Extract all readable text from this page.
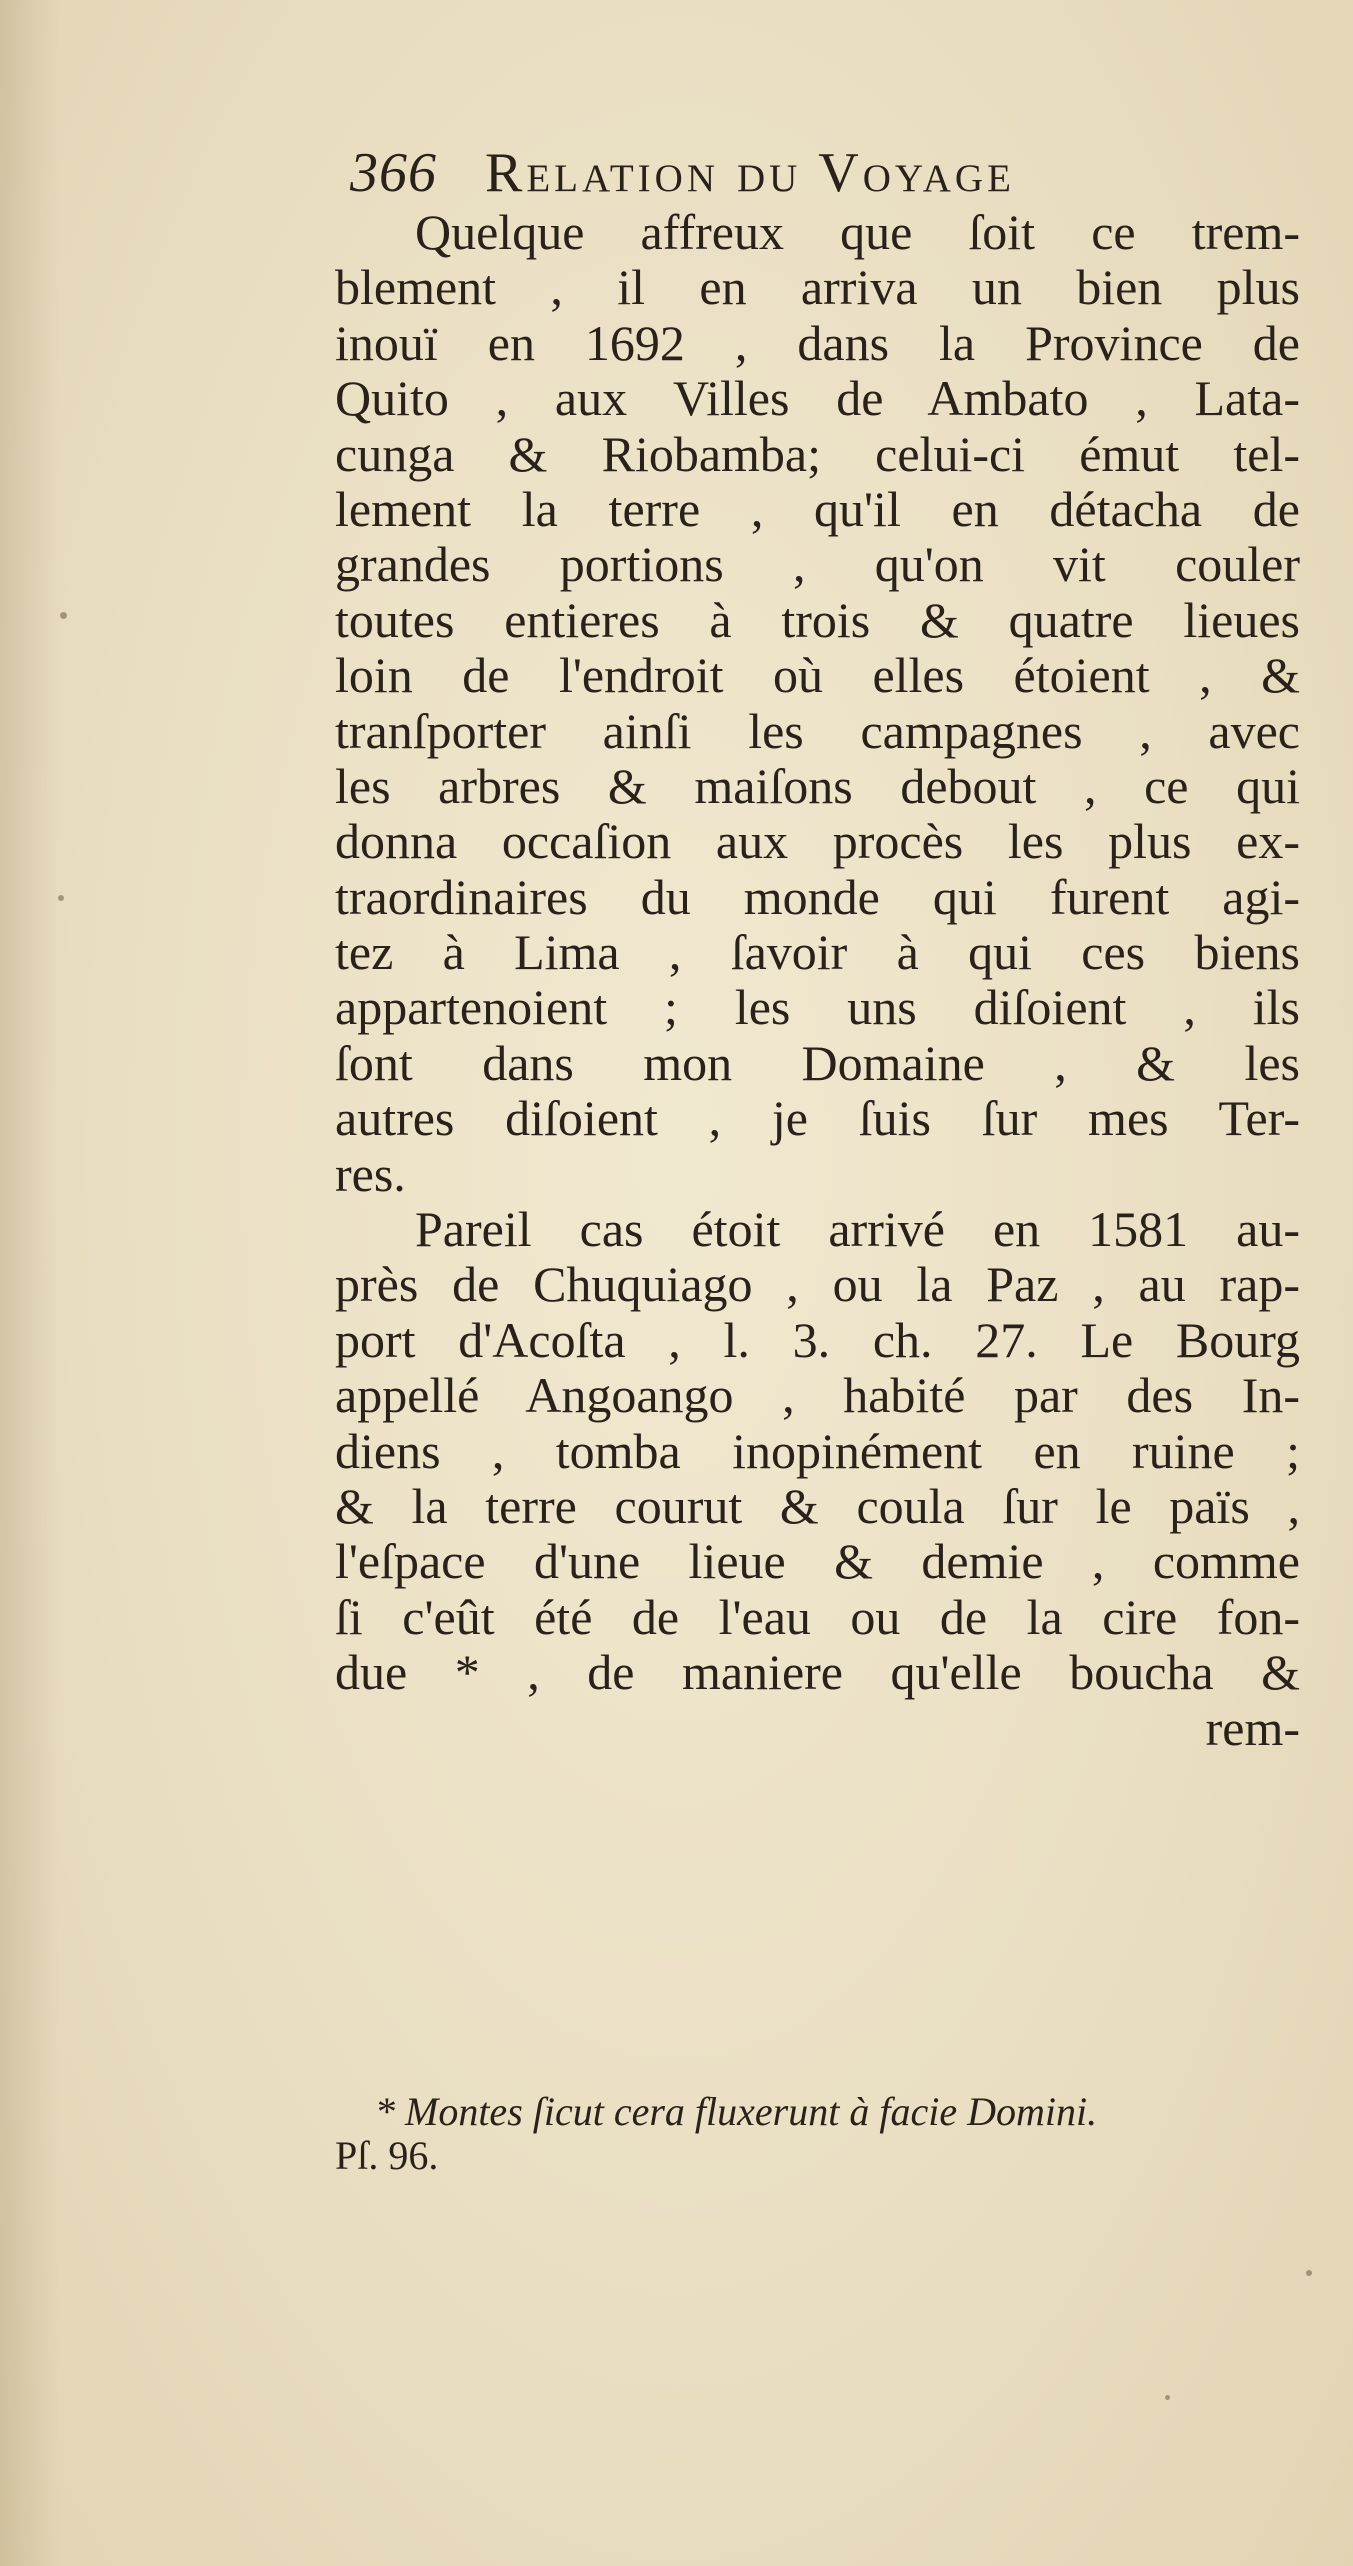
366 Relation du Voyage
Quelque affreux que ſoit ce trem-
blement , il en arriva un bien plus
inouï en 1692 , dans la Province de
Quito , aux Villes de Ambato , Lata-
cunga & Riobamba; celui-ci émut tel-
lement la terre , qu'il en détacha de
grandes portions , qu'on vit couler
toutes entieres à trois & quatre lieues
loin de l'endroit où elles étoient , &
tranſporter ainſi les campagnes , avec
les arbres & maiſons debout , ce qui
donna occaſion aux procès les plus ex-
traordinaires du monde qui furent agi-
tez à Lima , ſavoir à qui ces biens
appartenoient ; les uns diſoient , ils
ſont dans mon Domaine , & les
autres diſoient , je ſuis ſur mes Ter-
res.
Pareil cas étoit arrivé en 1581 au-
près de Chuquiago , ou la Paz , au rap-
port d'Acoſta , l. 3. ch. 27. Le Bourg
appellé Angoango , habité par des In-
diens , tomba inopinément en ruine ;
& la terre courut & coula ſur le païs ,
l'eſpace d'une lieue & demie , comme
ſi c'eût été de l'eau ou de la cire fon-
due * , de maniere qu'elle boucha &
rem-
* Montes ſicut cera fluxerunt à facie Domini.
Pſ. 96.
